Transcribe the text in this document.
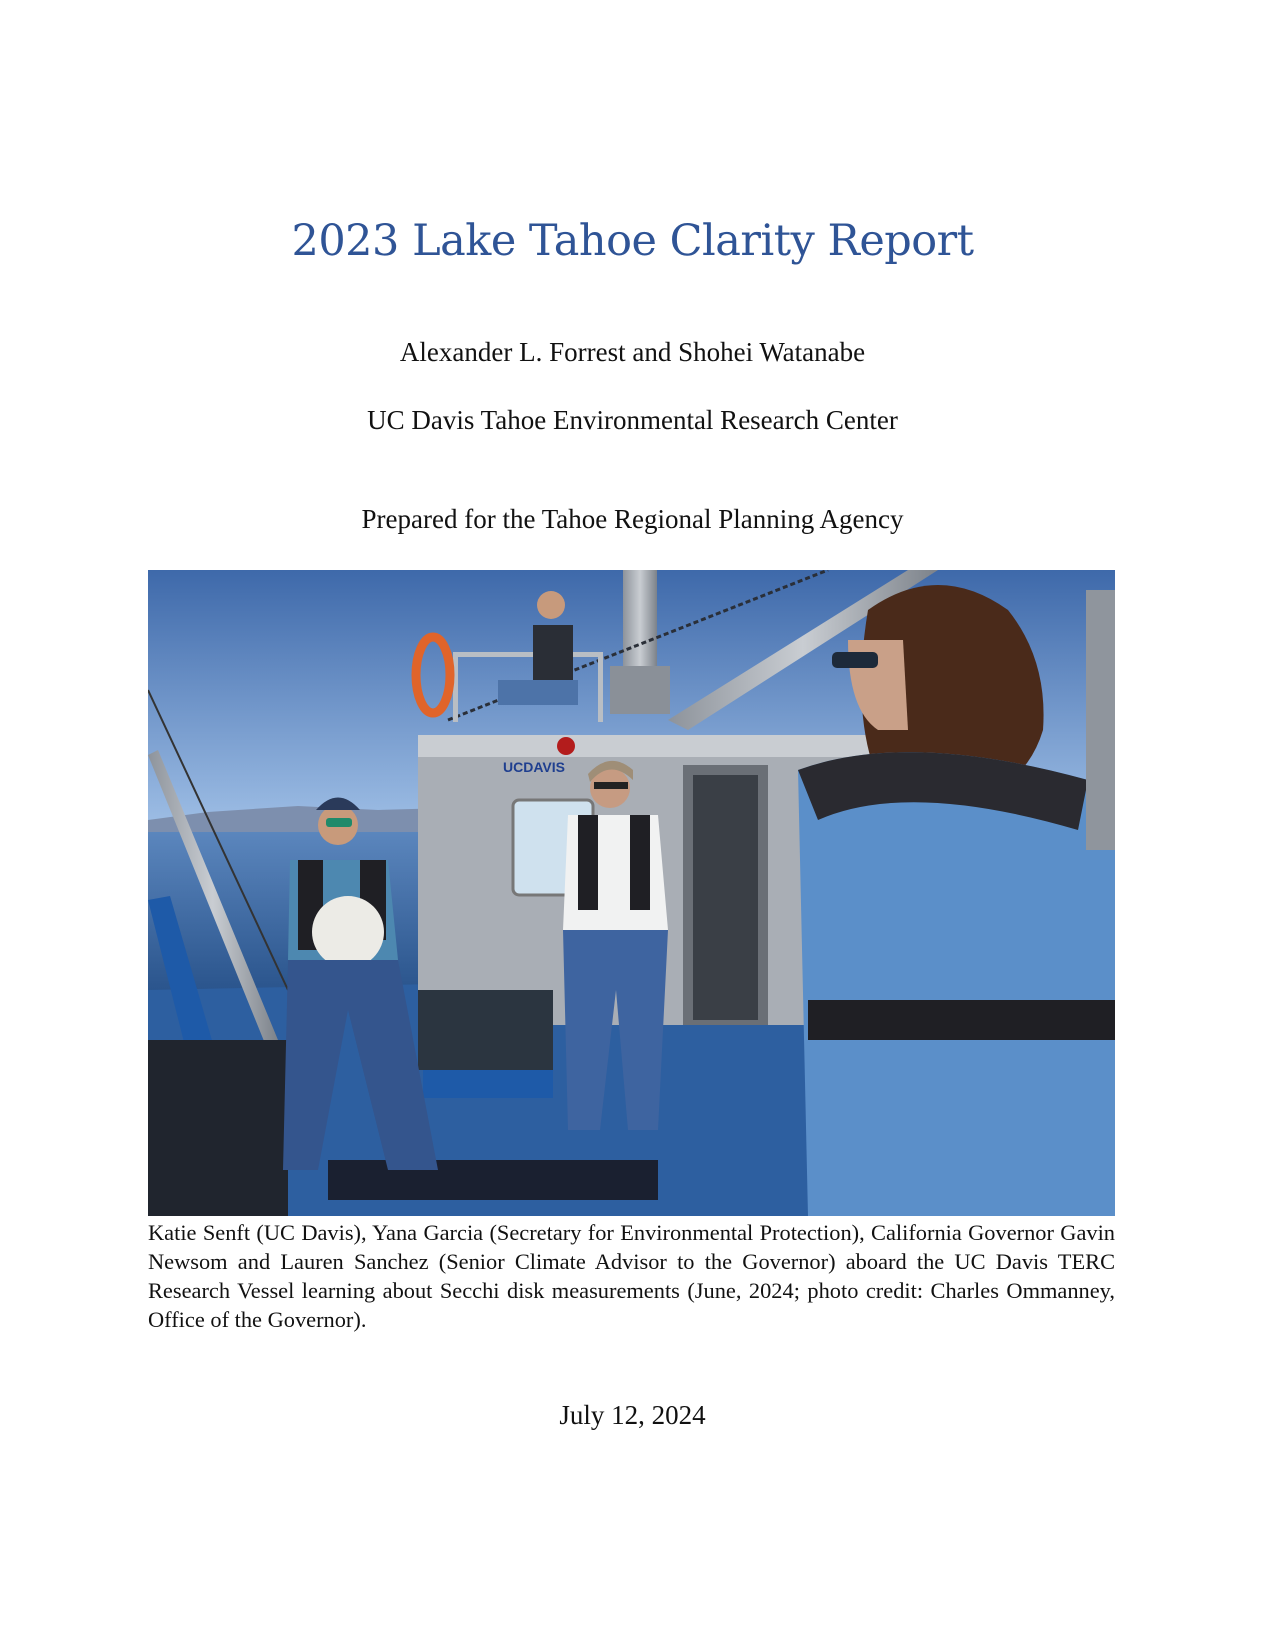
2023 Lake Tahoe Clarity Report
Alexander L. Forrest and Shohei Watanabe
UC Davis Tahoe Environmental Research Center
Prepared for the Tahoe Regional Planning Agency
UCDAVIS

Katie Senft (UC Davis), Yana Garcia (Secretary for Environmental Protection), California Governor Gavin Newsom and Lauren Sanchez (Senior Climate Advisor to the Governor) aboard the UC Davis TERC Research Vessel learning about Secchi disk measurements (June, 2024; photo credit: Charles Ommanney, Office of the Governor).

July 12, 2024
